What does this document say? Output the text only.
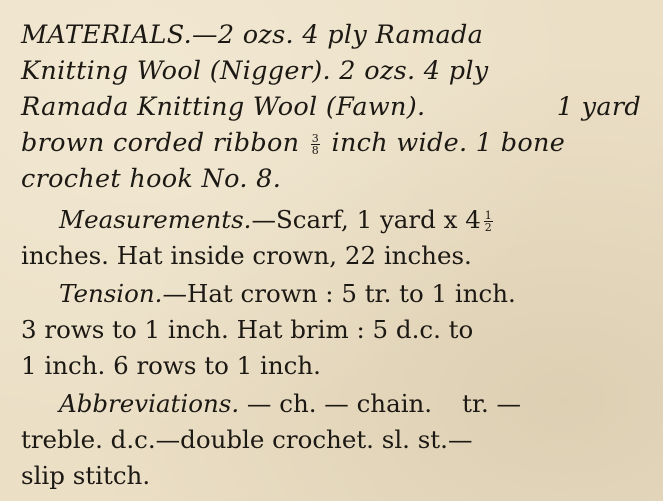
MATERIALS.—2 ozs. 4 ply Ramada
Knitting Wool (Nigger). 2 ozs. 4 ply
Ramada Knitting Wool (Fawn).	1 yard
brown corded ribbon $\frac{3}{8}$ inch wide. 1 bone
crochet hook No. 8.
Measurements.—Scarf, 1 yard x $4 \frac{1}{2}$
inches. Hat inside crown, 22 inches.
Tension.—Hat crown : 5 tr. to 1 inch.
3 rows to 1 inch. Hat brim : 5 d.c. to
1 inch. 6 rows to 1 inch.
Abbreviations. — ch. — chain. tr. —
treble. d.c.—double crochet. sl. st.—
slip stitch.
